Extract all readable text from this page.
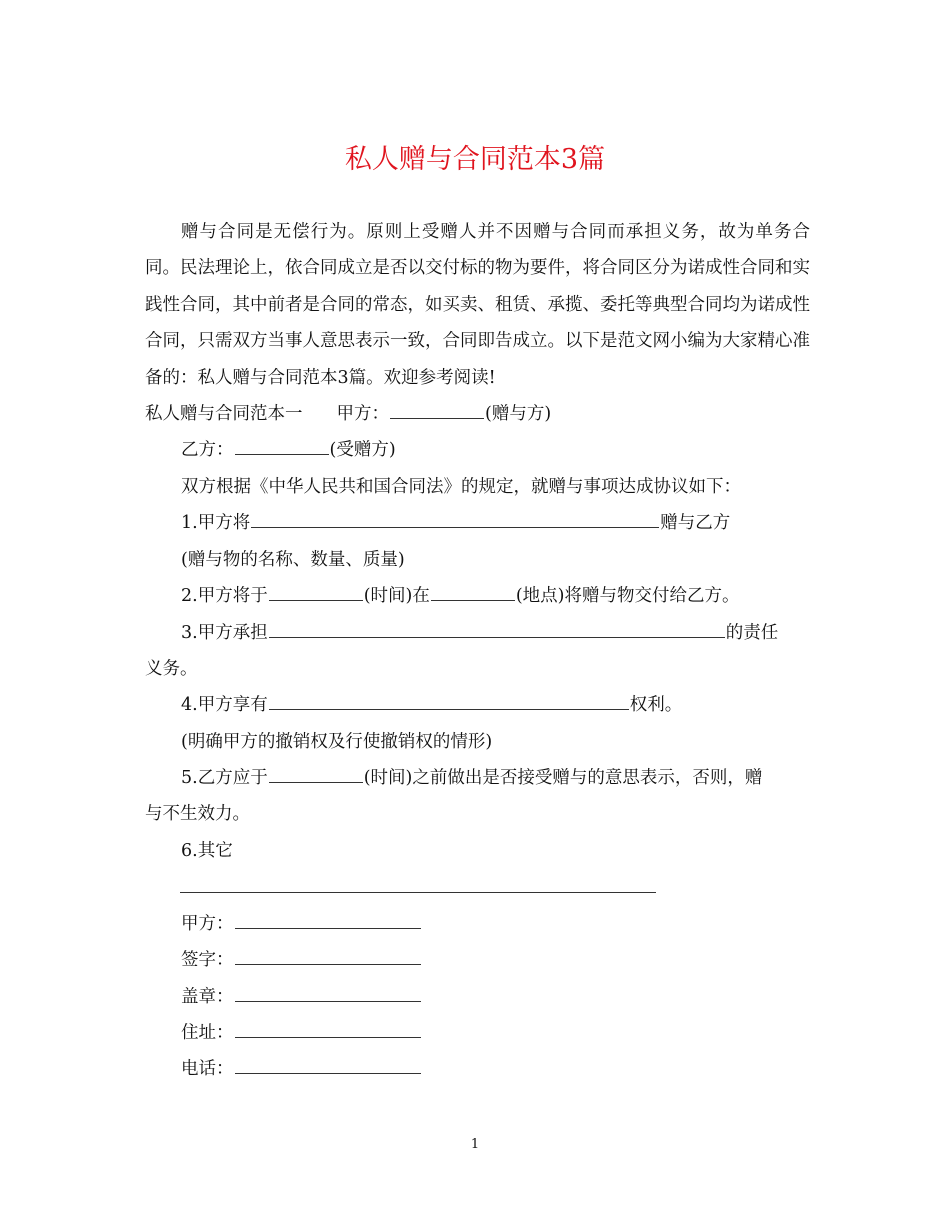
私人赠与合同范本3篇

赠与合同是无偿行为。原则上受赠人并不因赠与合同而承担义务，故为单务合同。民法理论上，依合同成立是否以交付标的物为要件，将合同区分为诺成性合同和实践性合同，其中前者是合同的常态，如买卖、租赁、承揽、委托等典型合同均为诺成性合同，只需双方当事人意思表示一致，合同即告成立。以下是范文网小编为大家精心准备的：私人赠与合同范本3篇。欢迎参考阅读!

私人赠与合同范本一 甲方：	(赠与方)
乙方：	(受赠方)
双方根据《中华人民共和国合同法》的规定，就赠与事项达成协议如下：
1.甲方将	赠与乙方
(赠与物的名称、数量、质量)
2.甲方将于	(时间)在	(地点)将赠与物交付给乙方。
3.甲方承担	的责任
义务。
4.甲方享有	权利。
(明确甲方的撤销权及行使撤销权的情形)
5.乙方应于	(时间)之前做出是否接受赠与的意思表示，否则，赠
与不生效力。
6.其它
甲方：
签字：
盖章：
住址：
电话：
1
